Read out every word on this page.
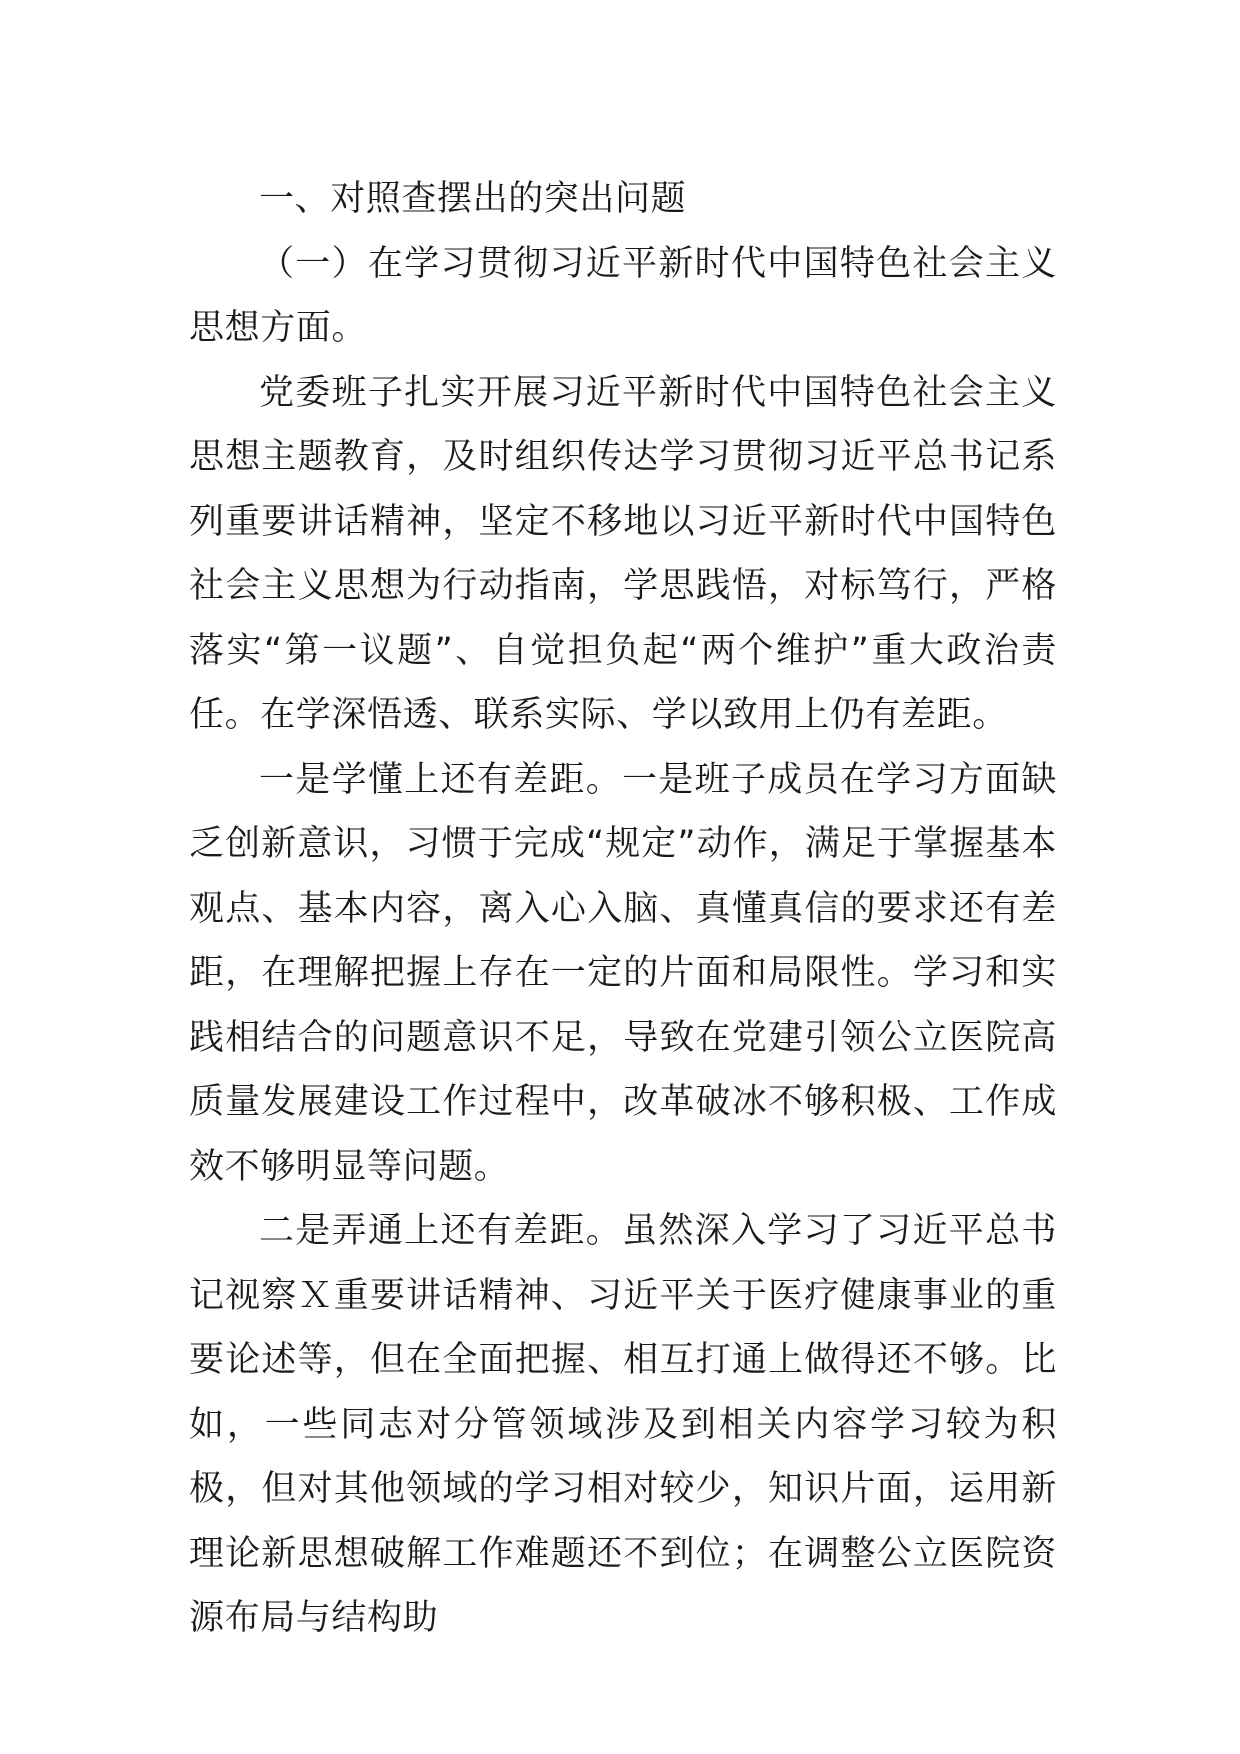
一、对照查摆出的突出问题

（一）在学习贯彻习近平新时代中国特色社会主义思想方面。

党委班子扎实开展习近平新时代中国特色社会主义思想主题教育，及时组织传达学习贯彻习近平总书记系列重要讲话精神，坚定不移地以习近平新时代中国特色社会主义思想为行动指南，学思践悟，对标笃行，严格落实“第一议题”、自觉担负起“两个维护”重大政治责任。在学深悟透、联系实际、学以致用上仍有差距。

一是学懂上还有差距。一是班子成员在学习方面缺乏创新意识，习惯于完成“规定”动作，满足于掌握基本观点、基本内容，离入心入脑、真懂真信的要求还有差距，在理解把握上存在一定的片面和局限性。学习和实践相结合的问题意识不足，导致在党建引领公立医院高质量发展建设工作过程中，改革破冰不够积极、工作成效不够明显等问题。

二是弄通上还有差距。虽然深入学习了习近平总书记视察Ｘ重要讲话精神、习近平关于医疗健康事业的重要论述等，但在全面把握、相互打通上做得还不够。比如，一些同志对分管领域涉及到相关内容学习较为积极，但对其他领域的学习相对较少，知识片面，运用新理论新思想破解工作难题还不到位；在调整公立医院资源布局与结构助
